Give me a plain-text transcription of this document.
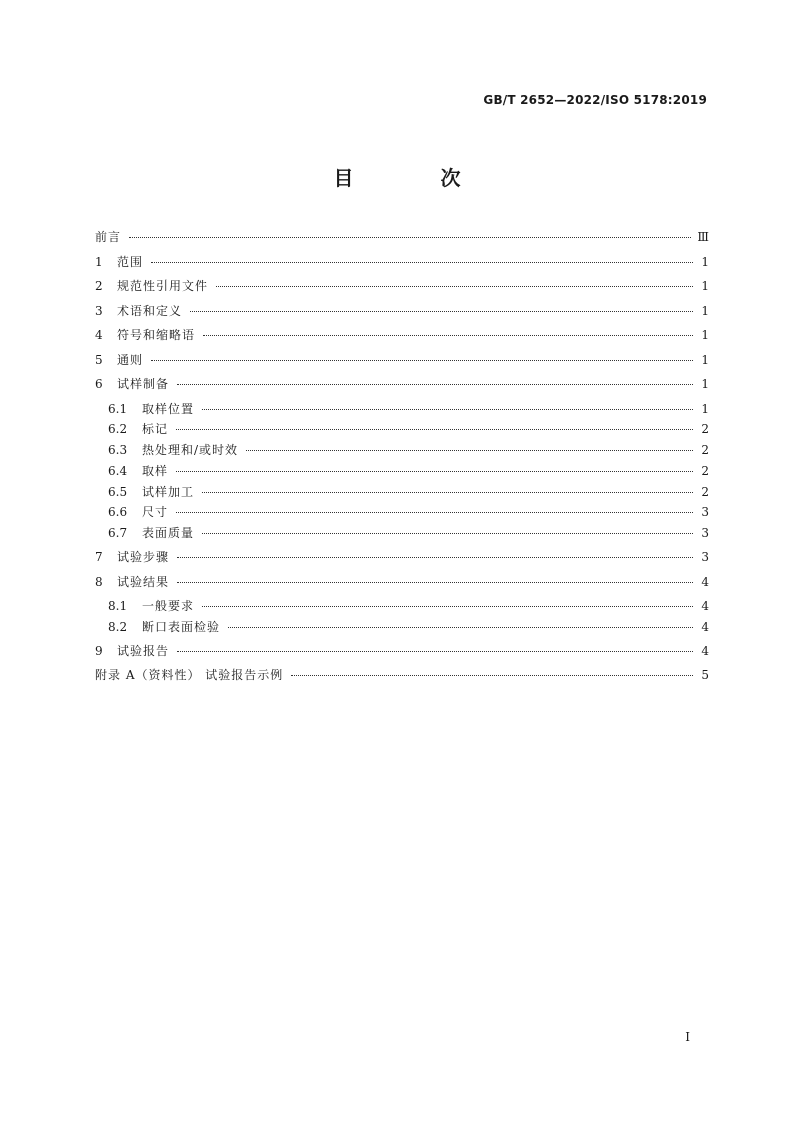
GB/T 2652—2022/ISO 5178:2019
目 次
前言	Ⅲ
1	范围	1
2	规范性引用文件	1
3	术语和定义	1
4	符号和缩略语	1
5	通则	1
6	试样制备	1
6.1	取样位置	1
6.2	标记	2
6.3	热处理和/或时效	2
6.4	取样	2
6.5	试样加工	2
6.6	尺寸	3
6.7	表面质量	3
7	试验步骤	3
8	试验结果	4
8.1	一般要求	4
8.2	断口表面检验	4
9	试验报告	4
附录 A（资料性） 试验报告示例	5
I
